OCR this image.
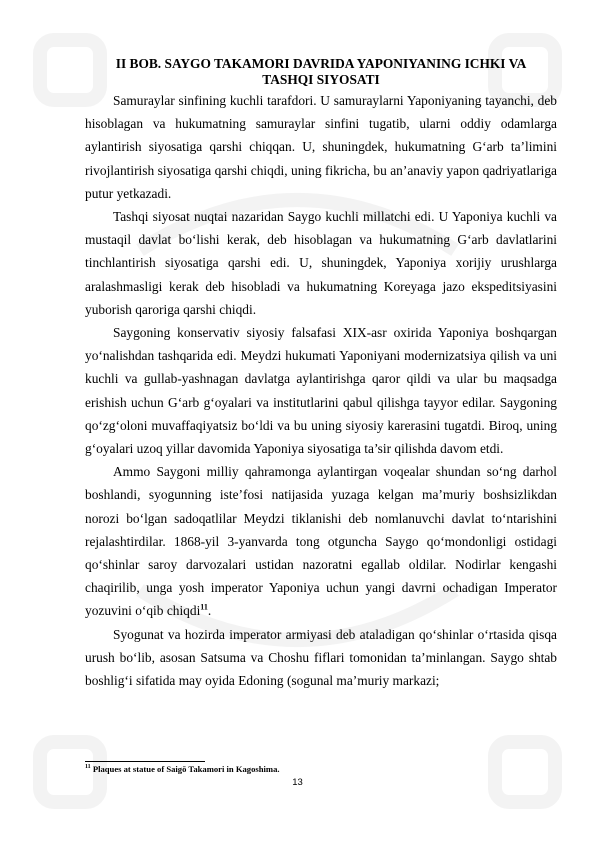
II BOB. SAYGO TAKAMORI DAVRIDA YAPONIYANING ICHKI VA
TASHQI SIYOSATI

Samuraylar sinfining kuchli tarafdori. U samuraylarni Yaponiyaning tayanchi, deb hisoblagan va hukumatning samuraylar sinfini tugatib, ularni oddiy odamlarga aylantirish siyosatiga qarshi chiqqan. U, shuningdek, hukumatning G‘arb ta’limini rivojlantirish siyosatiga qarshi chiqdi, uning fikricha, bu an’anaviy yapon qadriyatlariga putur yetkazadi.

Tashqi siyosat nuqtai nazaridan Saygo kuchli millatchi edi. U Yaponiya kuchli va mustaqil davlat bo‘lishi kerak, deb hisoblagan va hukumatning G‘arb davlatlarini tinchlantirish siyosatiga qarshi edi. U, shuningdek, Yaponiya xorijiy urushlarga aralashmasligi kerak deb hisobladi va hukumatning Koreyaga jazo ekspeditsiyasini yuborish qaroriga qarshi chiqdi.

Saygoning konservativ siyosiy falsafasi XIX-asr oxirida Yaponiya boshqargan yo‘nalishdan tashqarida edi. Meydzi hukumati Yaponiyani modernizatsiya qilish va uni kuchli va gullab-yashnagan davlatga aylantirishga qaror qildi va ular bu maqsadga erishish uchun G‘arb g‘oyalari va institutlarini qabul qilishga tayyor edilar. Saygoning qo‘zg‘oloni muvaffaqiyatsiz bo‘ldi va bu uning siyosiy karerasini tugatdi. Biroq, uning g‘oyalari uzoq yillar davomida Yaponiya siyosatiga ta’sir qilishda davom etdi.

Ammo Saygoni milliy qahramonga aylantirgan voqealar shundan so‘ng darhol boshlandi, syogunning iste’fosi natijasida yuzaga kelgan ma’muriy boshsizlikdan norozi bo‘lgan sadoqatlilar Meydzi tiklanishi deb nomlanuvchi davlat to‘ntarishini rejalashtirdilar. 1868-yil 3-yanvarda tong otguncha Saygo qo‘mondonligi ostidagi qo‘shinlar saroy darvozalari ustidan nazoratni egallab oldilar. Nodirlar kengashi chaqirilib, unga yosh imperator Yaponiya uchun yangi davrni ochadigan Imperator yozuvini o‘qib chiqdi$^{11}$.

Syogunat va hozirda imperator armiyasi deb ataladigan qo‘shinlar o‘rtasida qisqa urush bo‘lib, asosan Satsuma va Choshu fiflari tomonidan ta’minlangan. Saygo shtab boshlig‘i sifatida may oyida Edoning (sogunal ma’muriy markazi;

$^{11}$ Plaques at statue of Saigō Takamori in Kagoshima.
13
